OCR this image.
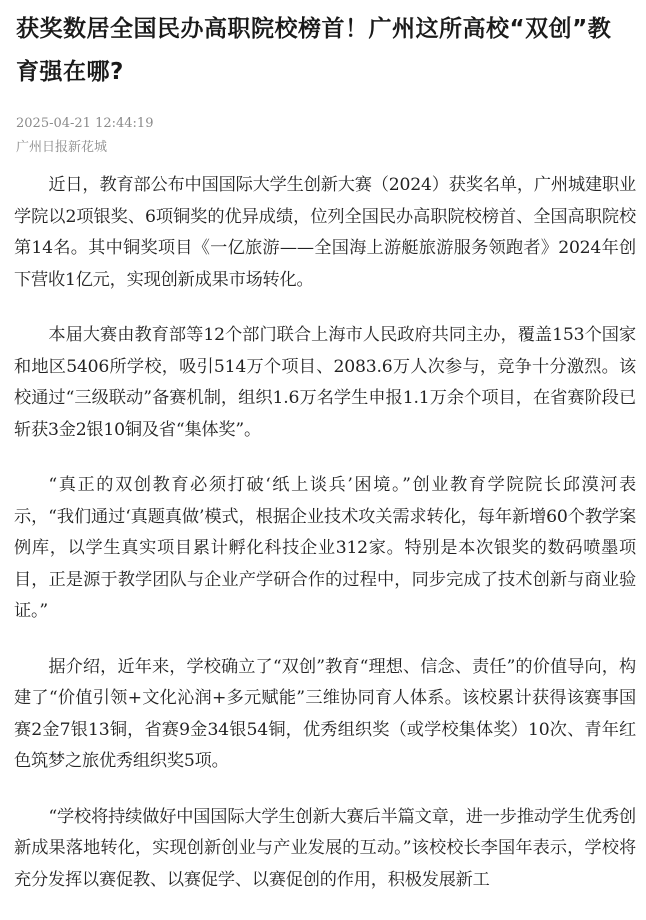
获奖数居全国民办高职院校榜首！广州这所高校“双创”教育强在哪?
2025-04-21 12:44:19
广州日报新花城

近日，教育部公布中国国际大学生创新大赛（2024）获奖名单，广州城建职业学院以2项银奖、6项铜奖的优异成绩，位列全国民办高职院校榜首、全国高职院校第14名。其中铜奖项目《一亿旅游——全国海上游艇旅游服务领跑者》2024年创下营收1亿元，实现创新成果市场转化。

本届大赛由教育部等12个部门联合上海市人民政府共同主办，覆盖153个国家和地区5406所学校，吸引514万个项目、2083.6万人次参与，竞争十分激烈。该校通过“三级联动”备赛机制，组织1.6万名学生申报1.1万余个项目，在省赛阶段已斩获3金2银10铜及省“集体奖”。

“真正的双创教育必须打破‘纸上谈兵’困境。”创业教育学院院长邱漠河表示，“我们通过‘真题真做’模式，根据企业技术攻关需求转化，每年新增60个教学案例库，以学生真实项目累计孵化科技企业312家。特别是本次银奖的数码喷墨项目，正是源于教学团队与企业产学研合作的过程中，同步完成了技术创新与商业验证。”

据介绍，近年来，学校确立了“双创”教育“理想、信念、责任”的价值导向，构建了“价值引领+文化沁润+多元赋能”三维协同育人体系。该校累计获得该赛事国赛2金7银13铜，省赛9金34银54铜，优秀组织奖（或学校集体奖）10次、青年红色筑梦之旅优秀组织奖5项。

“学校将持续做好中国国际大学生创新大赛后半篇文章，进一步推动学生优秀创新成果落地转化，实现创新创业与产业发展的互动。”该校校长李国年表示，学校将充分发挥以赛促教、以赛促学、以赛促创的作用，积极发展新工
